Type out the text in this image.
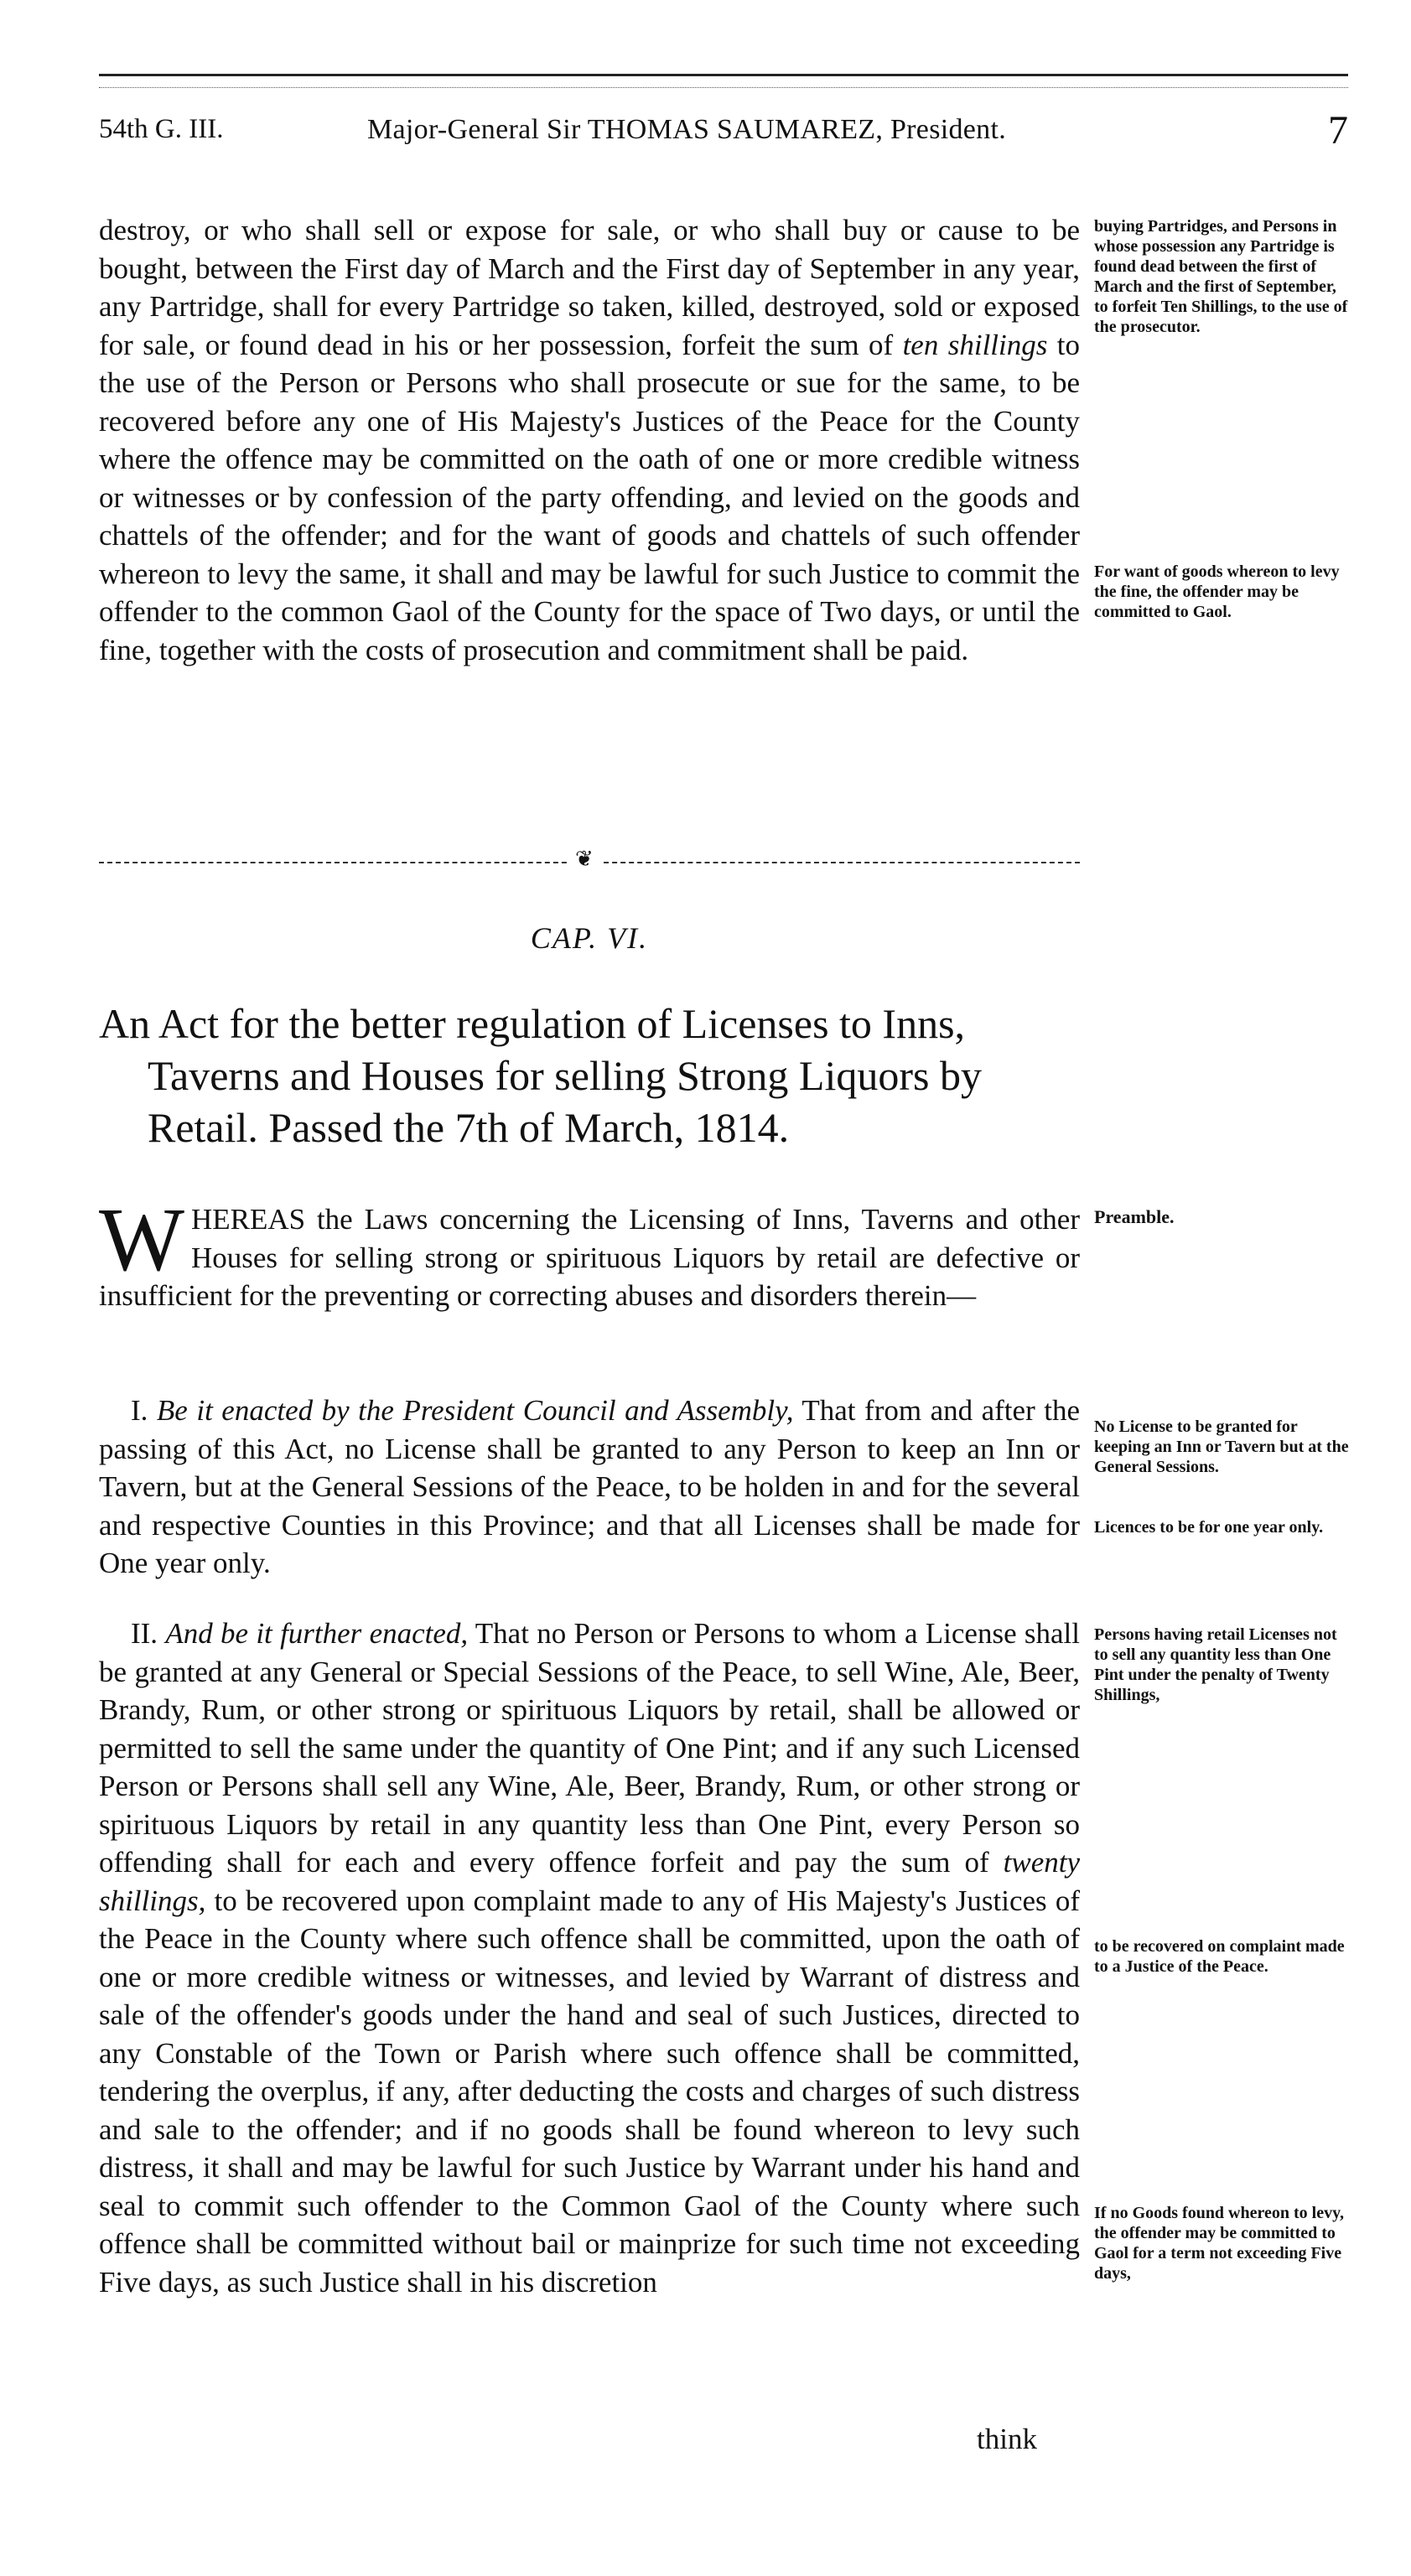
54th G. III.	Major-General Sir THOMAS SAUMAREZ, President.	7

destroy, or who shall sell or expose for sale, or who shall buy or cause to be bought, between the First day of March and the First day of September in any year, any Partridge, shall for every Partridge so taken, killed, destroyed, sold or exposed for sale, or found dead in his or her possession, forfeit the sum of ten shillings to the use of the Person or Persons who shall prosecute or sue for the same, to be recovered before any one of His Majesty's Justices of the Peace for the County where the offence may be committed on the oath of one or more credible witness or witnesses or by confession of the party offending, and levied on the goods and chattels of the offender; and for the want of goods and chattels of such offender whereon to levy the same, it shall and may be lawful for such Justice to commit the offender to the common Gaol of the County for the space of Two days, or until the fine, together with the costs of prosecution and commitment shall be paid.

buying Partridges, and Persons in whose possession any Partridge is found dead between the first of March and the first of September, to forfeit Ten Shillings, to the use of the prosecutor.
For want of goods whereon to levy the fine, the offender may be committed to Gaol.
❦
CAP. VI.
An Act for the better regulation of Licenses to Inns,
Taverns and Houses for selling Strong Liquors by Retail. Passed the 7th of March, 1814.

WHEREAS the Laws concerning the Licensing of Inns, Taverns and other Houses for selling strong or spirituous Liquors by retail are defective or insufficient for the preventing or correcting abuses and disorders therein—

Preamble.

I. Be it enacted by the President Council and Assembly, That from and after the passing of this Act, no License shall be granted to any Person to keep an Inn or Tavern, but at the General Sessions of the Peace, to be holden in and for the several and respective Counties in this Province; and that all Licenses shall be made for One year only.

No License to be granted for keeping an Inn or Tavern but at the General Sessions.
Licences to be for one year only.

II. And be it further enacted, That no Person or Persons to whom a License shall be granted at any General or Special Sessions of the Peace, to sell Wine, Ale, Beer, Brandy, Rum, or other strong or spirituous Liquors by retail, shall be allowed or permitted to sell the same under the quantity of One Pint; and if any such Licensed Person or Persons shall sell any Wine, Ale, Beer, Brandy, Rum, or other strong or spirituous Liquors by retail in any quantity less than One Pint, every Person so offending shall for each and every offence forfeit and pay the sum of twenty shillings, to be recovered upon complaint made to any of His Majesty's Justices of the Peace in the County where such offence shall be committed, upon the oath of one or more credible witness or witnesses, and levied by Warrant of distress and sale of the offender's goods under the hand and seal of such Justices, directed to any Constable of the Town or Parish where such offence shall be committed, tendering the overplus, if any, after deducting the costs and charges of such distress and sale to the offender; and if no goods shall be found whereon to levy such distress, it shall and may be lawful for such Justice by Warrant under his hand and seal to commit such offender to the Common Gaol of the County where such offence shall be committed without bail or mainprize for such time not exceeding Five days, as such Justice shall in his discretion

Persons having retail Licenses not to sell any quantity less than One Pint under the penalty of Twenty Shillings,
to be recovered on complaint made to a Justice of the Peace.
If no Goods found whereon to levy, the offender may be committed to Gaol for a term not exceeding Five days,
think
